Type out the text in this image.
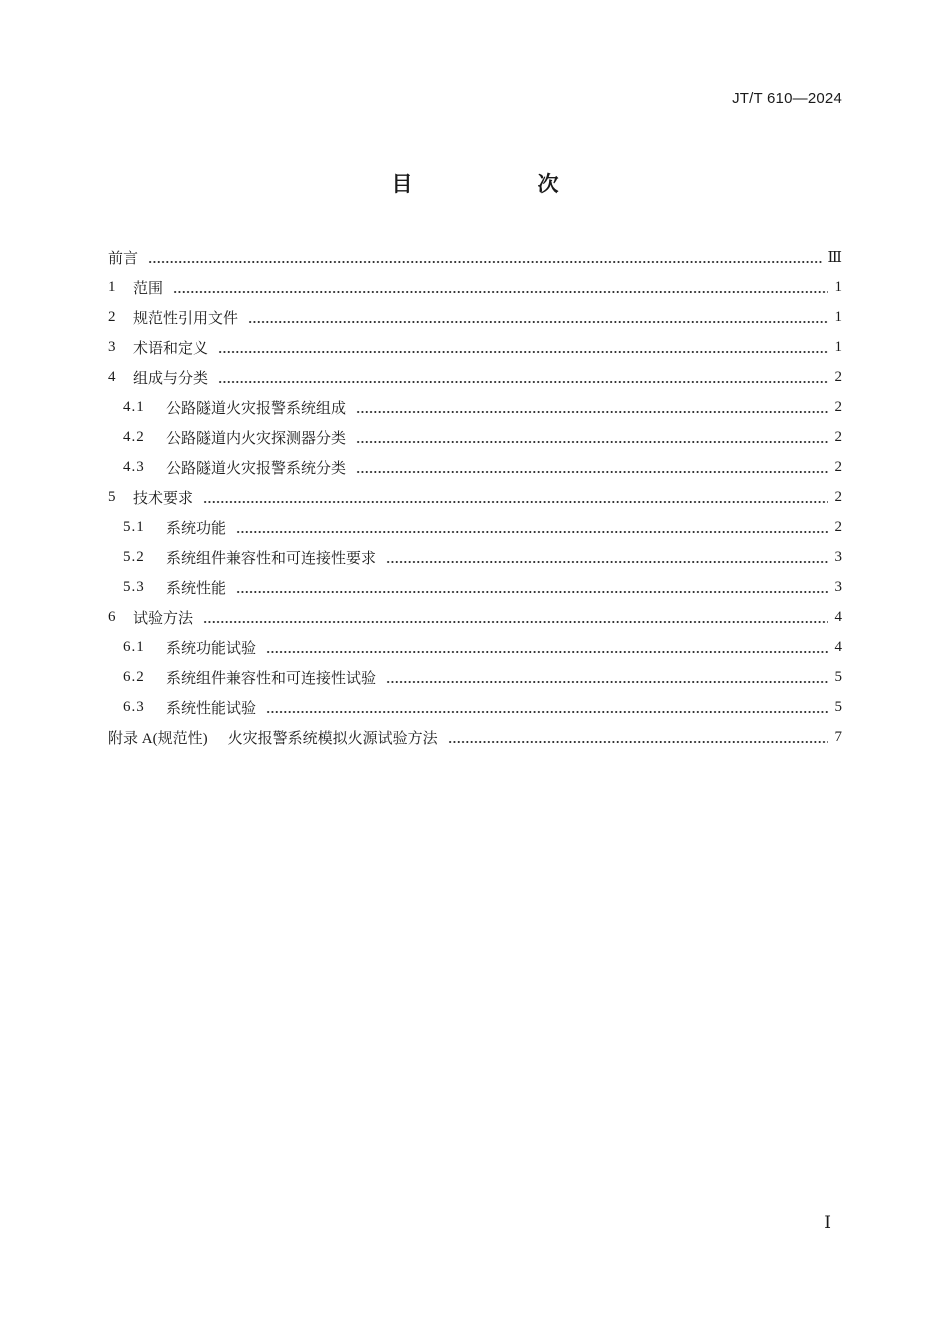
JT/T 610—2024
目　次
前言	Ⅲ
1	范围	1
2	规范性引用文件	1
3	术语和定义	1
4	组成与分类	2
4.1	公路隧道火灾报警系统组成	2
4.2	公路隧道内火灾探测器分类	2
4.3	公路隧道火灾报警系统分类	2
5	技术要求	2
5.1	系统功能	2
5.2	系统组件兼容性和可连接性要求	3
5.3	系统性能	3
6	试验方法	4
6.1	系统功能试验	4
6.2	系统组件兼容性和可连接性试验	5
6.3	系统性能试验	5
附录 A(规范性) 火灾报警系统模拟火源试验方法	7
Ⅰ
